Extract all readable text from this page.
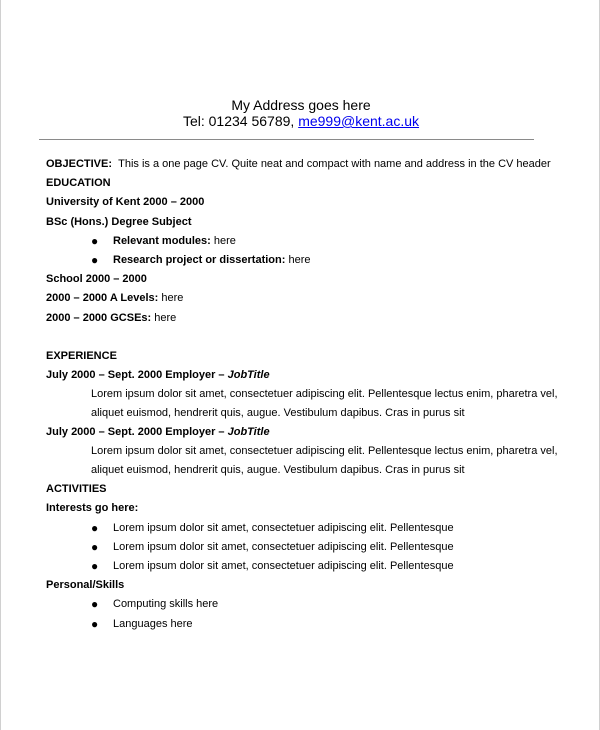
My Address goes here
Tel: 01234 56789, me999@kent.ac.uk
OBJECTIVE: This is a one page CV. Quite neat and compact with name and address in the CV header
EDUCATION
University of Kent 2000 – 2000
BSc (Hons.) Degree Subject
● Relevant modules: here
● Research project or dissertation: here
School 2000 – 2000
2000 – 2000 A Levels: here
2000 – 2000 GCSEs: here
EXPERIENCE
July 2000 – Sept. 2000 Employer – JobTitle

Lorem ipsum dolor sit amet, consectetuer adipiscing elit. Pellentesque lectus enim, pharetra vel, aliquet euismod, hendrerit quis, augue. Vestibulum dapibus. Cras in purus sit

July 2000 – Sept. 2000 Employer – JobTitle

Lorem ipsum dolor sit amet, consectetuer adipiscing elit. Pellentesque lectus enim, pharetra vel, aliquet euismod, hendrerit quis, augue. Vestibulum dapibus. Cras in purus sit

ACTIVITIES
Interests go here:
● Lorem ipsum dolor sit amet, consectetuer adipiscing elit. Pellentesque
● Lorem ipsum dolor sit amet, consectetuer adipiscing elit. Pellentesque
● Lorem ipsum dolor sit amet, consectetuer adipiscing elit. Pellentesque
Personal/Skills
● Computing skills here
● Languages here
